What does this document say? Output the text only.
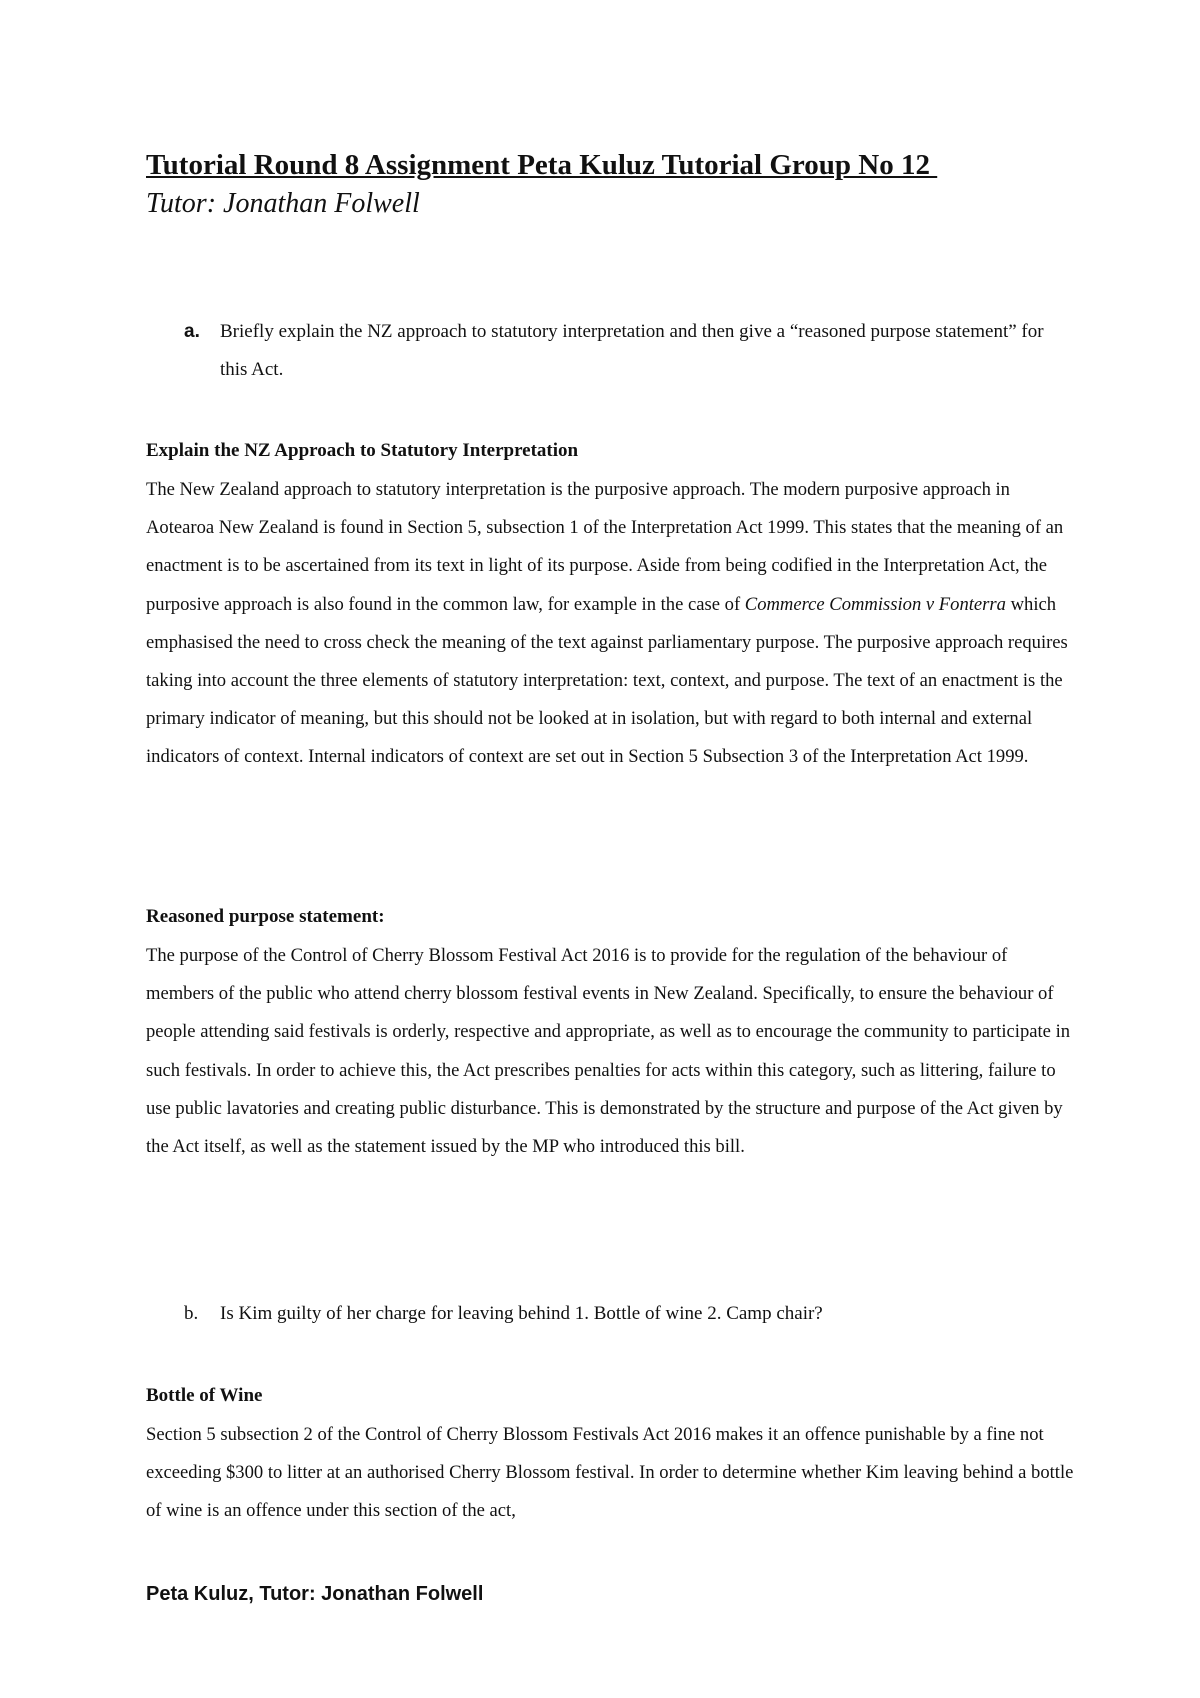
Tutorial Round 8 Assignment Peta Kuluz Tutorial Group No 12

Tutor: Jonathan Folwell

a.	Briefly explain the NZ approach to statutory interpretation and then give a “reasoned purpose statement” for this Act.
Explain the NZ Approach to Statutory Interpretation

The New Zealand approach to statutory interpretation is the purposive approach. The modern purposive approach in Aotearoa New Zealand is found in Section 5, subsection 1 of the Interpretation Act 1999. This states that the meaning of an enactment is to be ascertained from its text in light of its purpose. Aside from being codified in the Interpretation Act, the purposive approach is also found in the common law, for example in the case of Commerce Commission v Fonterra which emphasised the need to cross check the meaning of the text against parliamentary purpose. The purposive approach requires taking into account the three elements of statutory interpretation: text, context, and purpose. The text of an enactment is the primary indicator of meaning, but this should not be looked at in isolation, but with regard to both internal and external indicators of context. Internal indicators of context are set out in Section 5 Subsection 3 of the Interpretation Act 1999.

Reasoned purpose statement:

The purpose of the Control of Cherry Blossom Festival Act 2016 is to provide for the regulation of the behaviour of members of the public who attend cherry blossom festival events in New Zealand. Specifically, to ensure the behaviour of people attending said festivals is orderly, respective and appropriate, as well as to encourage the community to participate in such festivals. In order to achieve this, the Act prescribes penalties for acts within this category, such as littering, failure to use public lavatories and creating public disturbance. This is demonstrated by the structure and purpose of the Act given by the Act itself, as well as the statement issued by the MP who introduced this bill.

b.	Is Kim guilty of her charge for leaving behind 1. Bottle of wine 2. Camp chair?
Bottle of Wine

Section 5 subsection 2 of the Control of Cherry Blossom Festivals Act 2016 makes it an offence punishable by a fine not exceeding $300 to litter at an authorised Cherry Blossom festival. In order to determine whether Kim leaving behind a bottle of wine is an offence under this section of the act,

Peta Kuluz, Tutor: Jonathan Folwell
